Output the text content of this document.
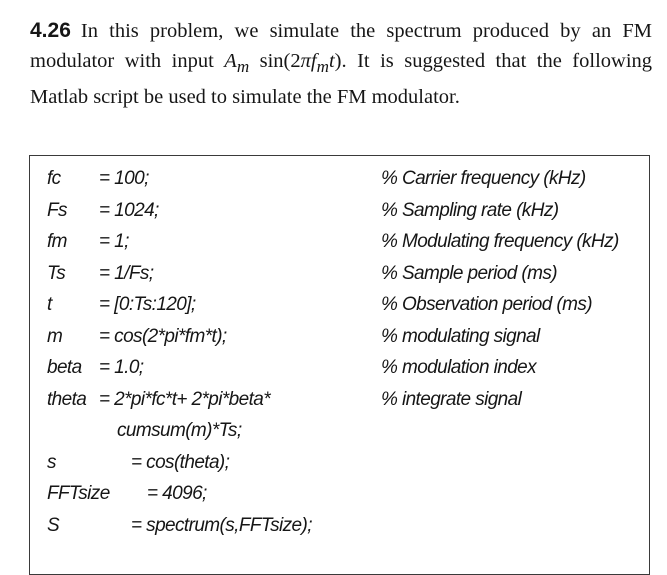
4.26 In this problem, we simulate the spectrum produced by an FM modulator with input $A_m$ $\sin(2\pi f_mt)$. It is suggested that the following Matlab script be used to simulate the FM modulator.
fc = 100;	% Carrier frequency (kHz)
Fs = 1024;	% Sampling rate (kHz)
fm = 1;	% Modulating frequency (kHz)
Ts = 1/Fs;	% Sample period (ms)
t = [0:Ts:120];	% Observation period (ms)
m = cos(2*pi*fm*t);	% modulating signal
beta = 1.0;	% modulation index
theta = 2*pi*fc*t+ 2*pi*beta*	% integrate signal
cumsum(m)*Ts;
s	= cos(theta);
FFTsize = 4096;
S	= spectrum(s,FFTsize);
